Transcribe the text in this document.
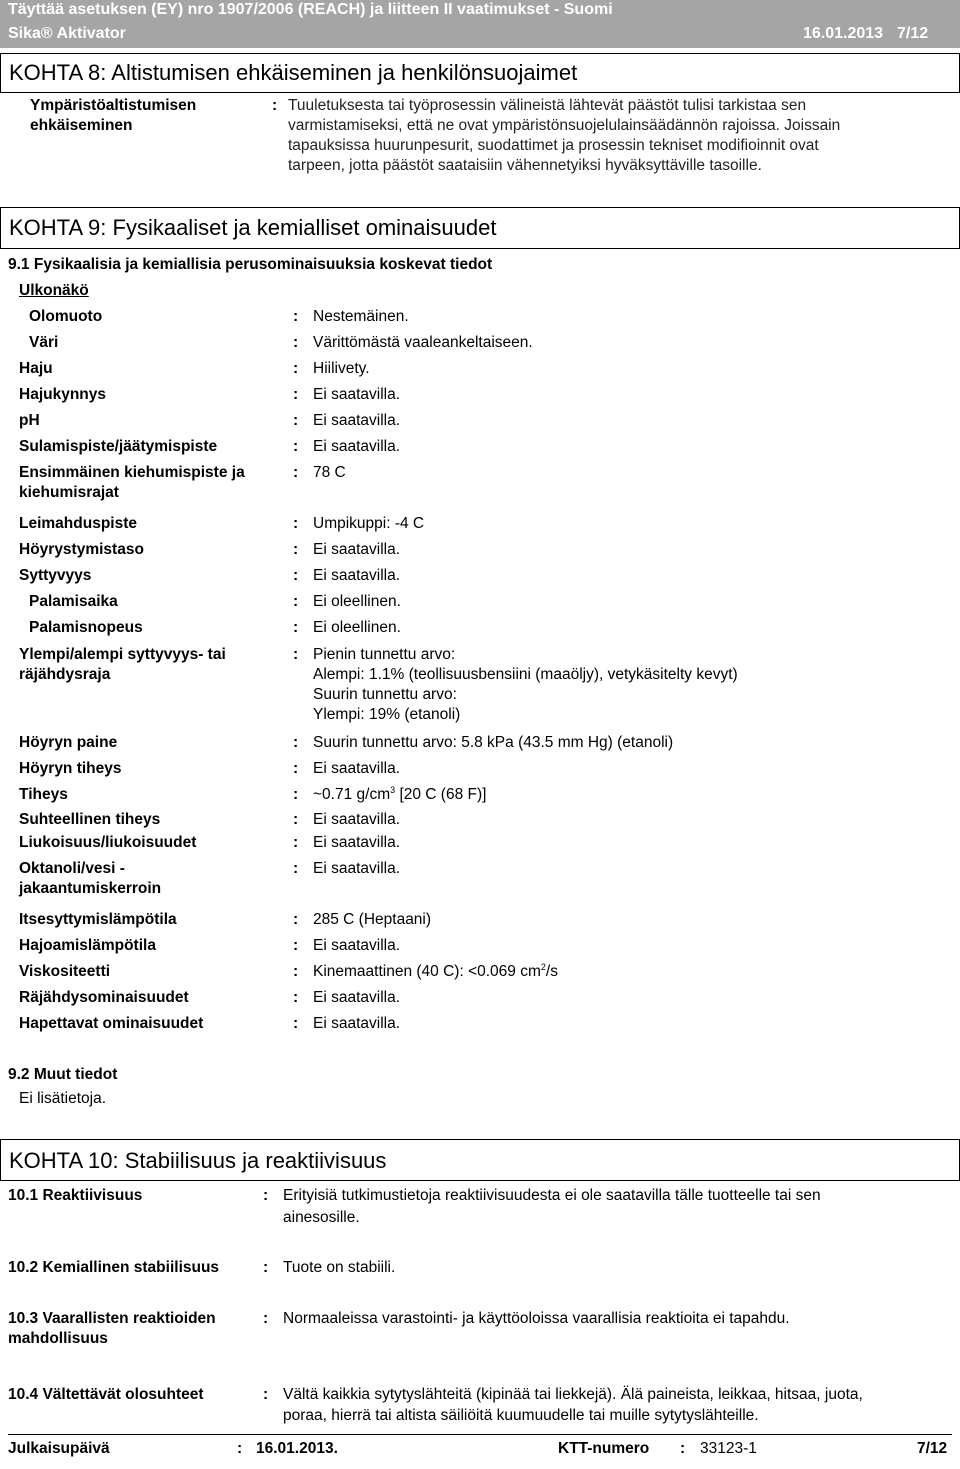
Täyttää asetuksen (EY) nro 1907/2006 (REACH) ja liitteen II vaatimukset - Suomi
Sika® Aktivator	16.01.2013 7/12
KOHTA 8: Altistumisen ehkäiseminen ja henkilönsuojaimet
Ympäristöaltistumisen
ehkäiseminen
: Tuuletuksesta tai työprosessin välineistä lähtevät päästöt tulisi tarkistaa sen
varmistamiseksi, että ne ovat ympäristönsuojelulainsäädännön rajoissa. Joissain
tapauksissa huurunpesurit, suodattimet ja prosessin tekniset modifioinnit ovat
tarpeen, jotta päästöt saataisiin vähennetyiksi hyväksyttäville tasoille.
KOHTA 9: Fysikaaliset ja kemialliset ominaisuudet
9.1 Fysikaalisia ja kemiallisia perusominaisuuksia koskevat tiedot
Ulkonäkö
Olomuoto	: Nestemäinen.
Väri	: Värittömästä vaaleankeltaiseen.
Haju	: Hiilivety.
Hajukynnys	: Ei saatavilla.
pH	: Ei saatavilla.
Sulamispiste/jäätymispiste	: Ei saatavilla.
Ensimmäinen kiehumispiste ja
kiehumisrajat
: 78 C
Leimahduspiste	: Umpikuppi: -4 C
Höyrystymistaso	: Ei saatavilla.
Syttyvyys	: Ei saatavilla.
Palamisaika	: Ei oleellinen.
Palamisnopeus	: Ei oleellinen.
Ylempi/alempi syttyvyys- tai
räjähdysraja
: Pienin tunnettu arvo:
Alempi: 1.1% (teollisuusbensiini (maaöljy), vetykäsitelty kevyt)
Suurin tunnettu arvo:
Ylempi: 19% (etanoli)
Höyryn paine	: Suurin tunnettu arvo: 5.8 kPa (43.5 mm Hg) (etanoli)
Höyryn tiheys	: Ei saatavilla.
Tiheys	: ~0.71 $g/cm^3$ [20 C (68 F)]
Suhteellinen tiheys	: Ei saatavilla.
Liukoisuus/liukoisuudet	: Ei saatavilla.
Oktanoli/vesi -
jakaantumiskerroin
: Ei saatavilla.
Itsesyttymislämpötila	: 285 C (Heptaani)
Hajoamislämpötila	: Ei saatavilla.
Viskositeetti	: Kinemaattinen (40 C): <0.069 $cm^2/s$
Räjähdysominaisuudet	: Ei saatavilla.
Hapettavat ominaisuudet	: Ei saatavilla.
9.2 Muut tiedot
Ei lisätietoja.
KOHTA 10: Stabiilisuus ja reaktiivisuus
10.1 Reaktiivisuus	: Erityisiä tutkimustietoja reaktiivisuudesta ei ole saatavilla tälle tuotteelle tai sen
ainesosille.
10.2 Kemiallinen stabiilisuus	: Tuote on stabiili.
10.3 Vaarallisten reaktioiden
mahdollisuus
: Normaaleissa varastointi- ja käyttöoloissa vaarallisia reaktioita ei tapahdu.
10.4 Vältettävät olosuhteet	: Vältä kaikkia sytytyslähteitä (kipinää tai liekkejä). Älä paineista, leikkaa, hitsaa, juota,
poraa, hierrä tai altista säiliöitä kuumuudelle tai muille sytytyslähteille.
Julkaisupäivä	: 16.01.2013.	KTT-numero : 33123-1	7/12
